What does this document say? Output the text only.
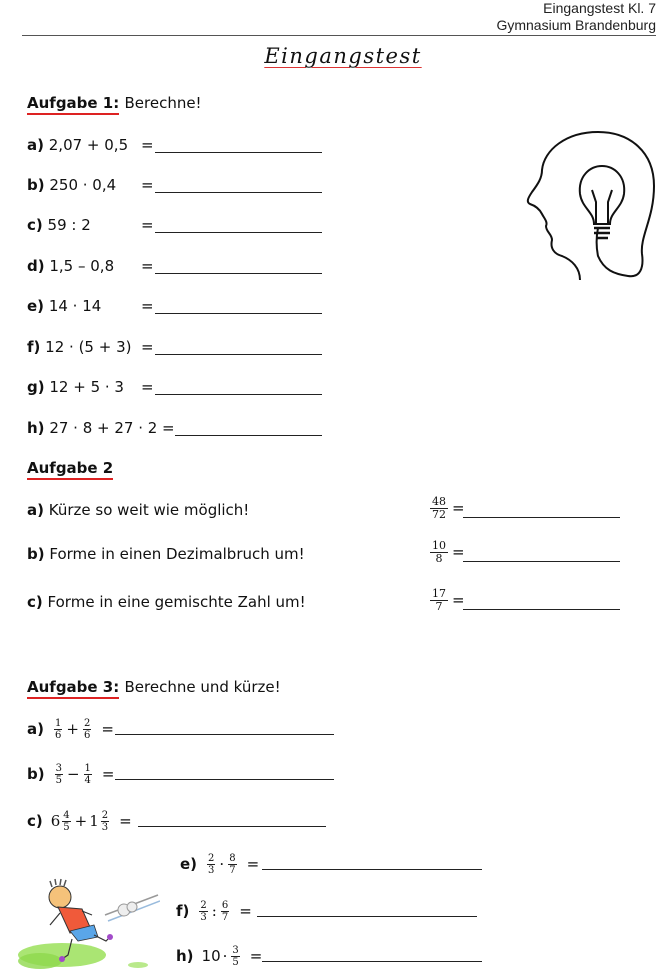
Eingangstest Kl. 7
Gymnasium Brandenburg
Eingangstest
Aufgabe 1: Berechne!
a) 2,07 + 0,5 =
b) 250 · 0,4 =
c) 59 : 2	=
d) 1,5 – 0,8 =
e) 14 · 14	=
f) 12 · (5 + 3) =
g) 12 + 5 · 3 =
h) 27 · 8 + 27 · 2 =
Aufgabe 2
a) Kürze so weit wie möglich!	$\frac{48}{72}$ =
b) Forme in einen Dezimalbruch um!	$\frac{10}{8}$ =
c) Forme in eine gemischte Zahl um!	$\frac{17}{7}$ =
Aufgabe 3: Berechne und kürze!
$a) \frac{1}{6} + \frac{2}{6}$ =
$b) \frac{3}{5} - \frac{1}{4}$ =
c) $6 \frac{4}{5} + 1 \frac{2}{3}$ =
$e) \frac{2}{3} \cdot \frac{8}{7}$ =
$f) \frac{2}{3}$ : $\frac{6}{7}$ =
h) $10 \cdot \frac{3}{5}$ =
